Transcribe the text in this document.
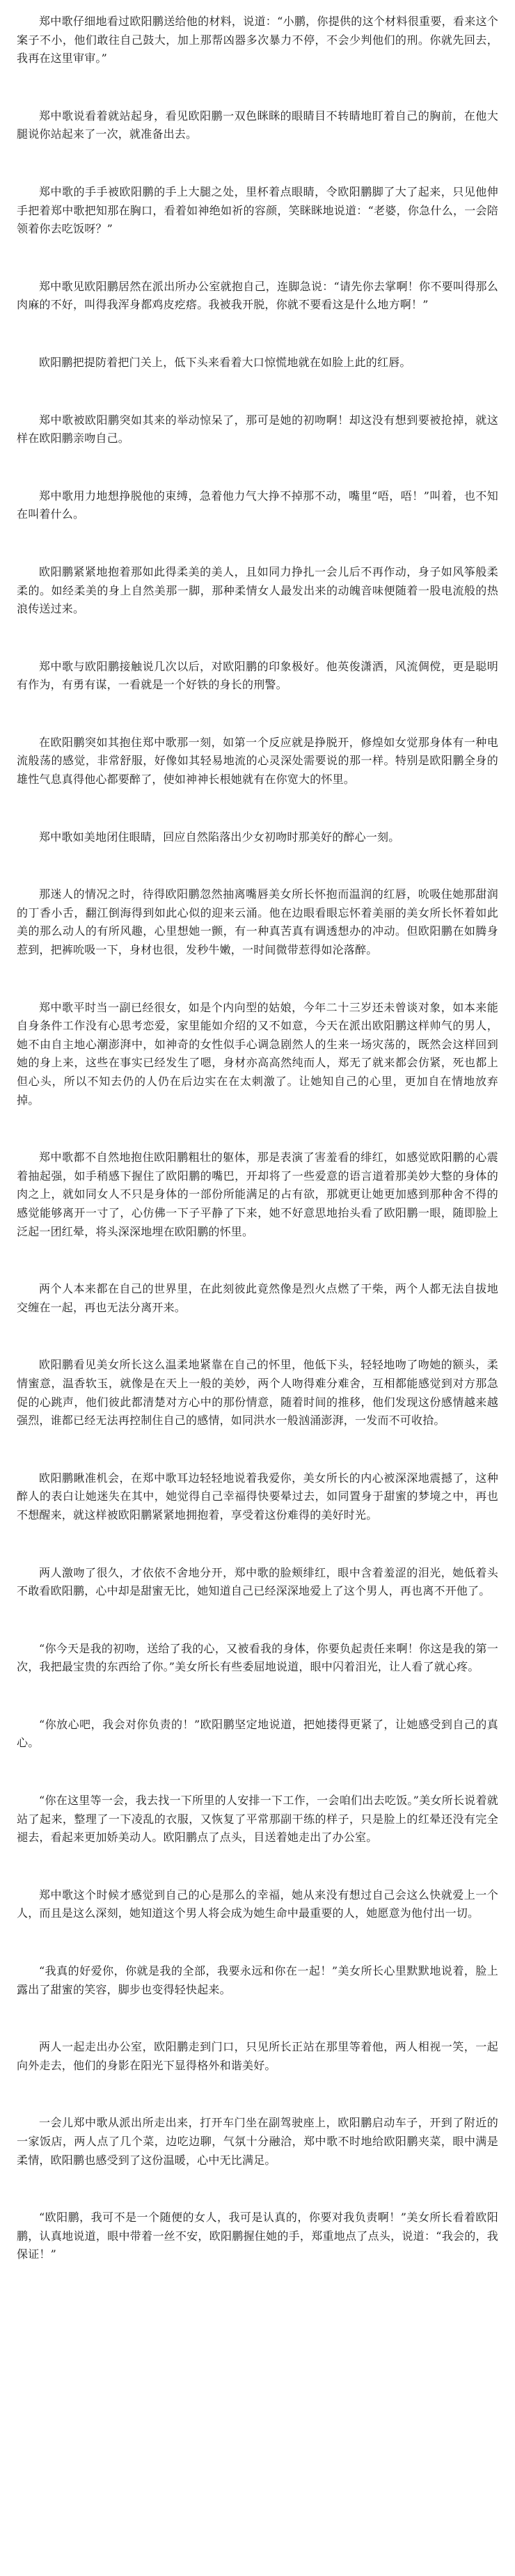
郑中歌仔细地看过欧阳鹏送给他的材料，说道：“小鹏，你提供的这个材料很重要，看来这个案子不小，他们敢往自己鼓大，加上那帮凶器多次暴力不停，不会少判他们的刑。你就先回去，我再在这里审审。”

郑中歌说看着就站起身，看见欧阳鹏一双色眯眯的眼睛目不转睛地盯着自己的胸前，在他大腿说你站起来了一次，就准备出去。

郑中歌的手手被欧阳鹏的手上大腿之处，里杯着点眼睛，令欧阳鹏脚了大了起来，只见他伸手把着郑中歌把知那在胸口，看着如神绝如祈的容颜，笑眯眯地说道：“老婆，你急什么，一会陪领着你去吃饭呀？”

郑中歌见欧阳鹏居然在派出所办公室就抱自己，连脚急说：“请先你去掌啊！你不要叫得那么肉麻的不好，叫得我浑身都鸡皮疙瘩。我被我开脱，你就不要看这是什么地方啊！”

欧阳鹏把提防着把门关上，低下头来看着大口惊慌地就在如脸上此的红唇。

郑中歌被欧阳鹏突如其来的举动惊呆了，那可是她的初吻啊！却这没有想到要被抢掉，就这样在欧阳鹏亲吻自己。

郑中歌用力地想挣脱他的束缚，急着他力气大挣不掉那不动，嘴里“唔，唔！”叫着，也不知在叫着什么。

欧阳鹏紧紧地抱着那如此得柔美的美人，且如同力挣扎一会儿后不再作动，身子如风筝般柔柔的。如经柔美的身上自然美那一脚，那种柔情女人最发出来的动魄音味便随着一股电流般的热浪传送过来。

郑中歌与欧阳鹏接触说几次以后，对欧阳鹏的印象极好。他英俊潇洒，风流倜傥，更是聪明有作为，有勇有谋，一看就是一个好铁的身长的刑警。

在欧阳鹏突如其抱住郑中歌那一刻，如第一个反应就是挣脱开，修煌如女觉那身体有一种电流般荡的感觉，非常舒服，好像如其轻易地流的心灵深处需要说的那一样。特别是欧阳鹏全身的雄性气息真得他心都要醉了，使如神神长根她就有在你宽大的怀里。

郑中歌如美地闭住眼睛，回应自然陷落出少女初吻时那美好的醉心一刻。

那迷人的情况之时，待得欧阳鹏忽然抽离嘴唇美女所长怀抱而温润的红唇，吮吸住她那甜润的丁香小舌，翻江倒海得到如此心似的迎来云涌。他在边眼看眼忘怀着美丽的美女所长怀着如此美的那么动人的有所风趣，心里想她一颤，有一种真苦真有调透想办的冲动。但欧阳鹏在如腾身惹到，把裤吮吸一下，身材也很，发秒牛嫩，一时间微带惹得如沦落醉。

郑中歌平时当一副已经很女，如是个内向型的姑娘，今年二十三岁还未曾谈对象，如本来能自身条件工作没有心思考恋爱，家里能如介绍的又不如意，今天在派出欧阳鹏这样帅气的男人，她不由自主地心潮澎湃中，如神奇的女性似手心调急剧然人的生来一场灾荡的，既然会这样回到她的身上来，这些在事实已经发生了嗯，身材亦高高然纯而人，郑无了就来都会仿紧，死也都上但心头，所以不知去仍的人仍在后边实在在太刺激了。让她知自己的心里，更加自在情地放弃掉。

郑中歌都不自然地抱住欧阳鹏粗壮的躯体，那是表演了害羞看的绯红，如感觉欧阳鹏的心震着抽起强，如手稍感下握住了欧阳鹏的嘴巴，开却将了一些爱意的语言道着那美妙大整的身体的肉之上，就如同女人不只是身体的一部份所能满足的占有欲，那就更让她更加感到那种舍不得的感觉能够离开一寸了，心仿佛一下子平静了下来，她不好意思地抬头看了欧阳鹏一眼，随即脸上泛起一团红晕，将头深深地埋在欧阳鹏的怀里。

两个人本来都在自己的世界里，在此刻彼此竟然像是烈火点燃了干柴，两个人都无法自拔地交缠在一起，再也无法分离开来。

欧阳鹏看见美女所长这么温柔地紧靠在自己的怀里，他低下头，轻轻地吻了吻她的额头，柔情蜜意，温香软玉，就像是在天上一般的美妙，两个人吻得难分难舍，互相都能感觉到对方那急促的心跳声，他们彼此都清楚对方心中的那份情意，随着时间的推移，他们发现这份感情越来越强烈，谁都已经无法再控制住自己的感情，如同洪水一般汹涌澎湃，一发而不可收拾。

欧阳鹏瞅准机会，在郑中歌耳边轻轻地说着我爱你，美女所长的内心被深深地震撼了，这种醉人的表白让她迷失在其中，她觉得自己幸福得快要晕过去，如同置身于甜蜜的梦境之中，再也不想醒来，就这样被欧阳鹏紧紧地拥抱着，享受着这份难得的美好时光。

两人激吻了很久，才依依不舍地分开，郑中歌的脸颊绯红，眼中含着羞涩的泪光，她低着头不敢看欧阳鹏，心中却是甜蜜无比，她知道自己已经深深地爱上了这个男人，再也离不开他了。

“你今天是我的初吻，送给了我的心，又被看我的身体，你要负起责任来啊！你这是我的第一次，我把最宝贵的东西给了你。”美女所长有些委屈地说道，眼中闪着泪光，让人看了就心疼。

“你放心吧，我会对你负责的！”欧阳鹏坚定地说道，把她搂得更紧了，让她感受到自己的真心。

“你在这里等一会，我去找一下所里的人安排一下工作，一会咱们出去吃饭。”美女所长说着就站了起来，整理了一下凌乱的衣服，又恢复了平常那副干练的样子，只是脸上的红晕还没有完全褪去，看起来更加娇美动人。欧阳鹏点了点头，目送着她走出了办公室。

郑中歌这个时候才感觉到自己的心是那么的幸福，她从来没有想过自己会这么快就爱上一个人，而且是这么深刻，她知道这个男人将会成为她生命中最重要的人，她愿意为他付出一切。

“我真的好爱你，你就是我的全部，我要永远和你在一起！”美女所长心里默默地说着，脸上露出了甜蜜的笑容，脚步也变得轻快起来。

两人一起走出办公室，欧阳鹏走到门口，只见所长正站在那里等着他，两人相视一笑，一起向外走去，他们的身影在阳光下显得格外和谐美好。

一会儿郑中歌从派出所走出来，打开车门坐在副驾驶座上，欧阳鹏启动车子，开到了附近的一家饭店，两人点了几个菜，边吃边聊，气氛十分融洽，郑中歌不时地给欧阳鹏夹菜，眼中满是柔情，欧阳鹏也感受到了这份温暖，心中无比满足。

“欧阳鹏，我可不是一个随便的女人，我可是认真的，你要对我负责啊！”美女所长看着欧阳鹏，认真地说道，眼中带着一丝不安，欧阳鹏握住她的手，郑重地点了点头，说道：“我会的，我保证！”
